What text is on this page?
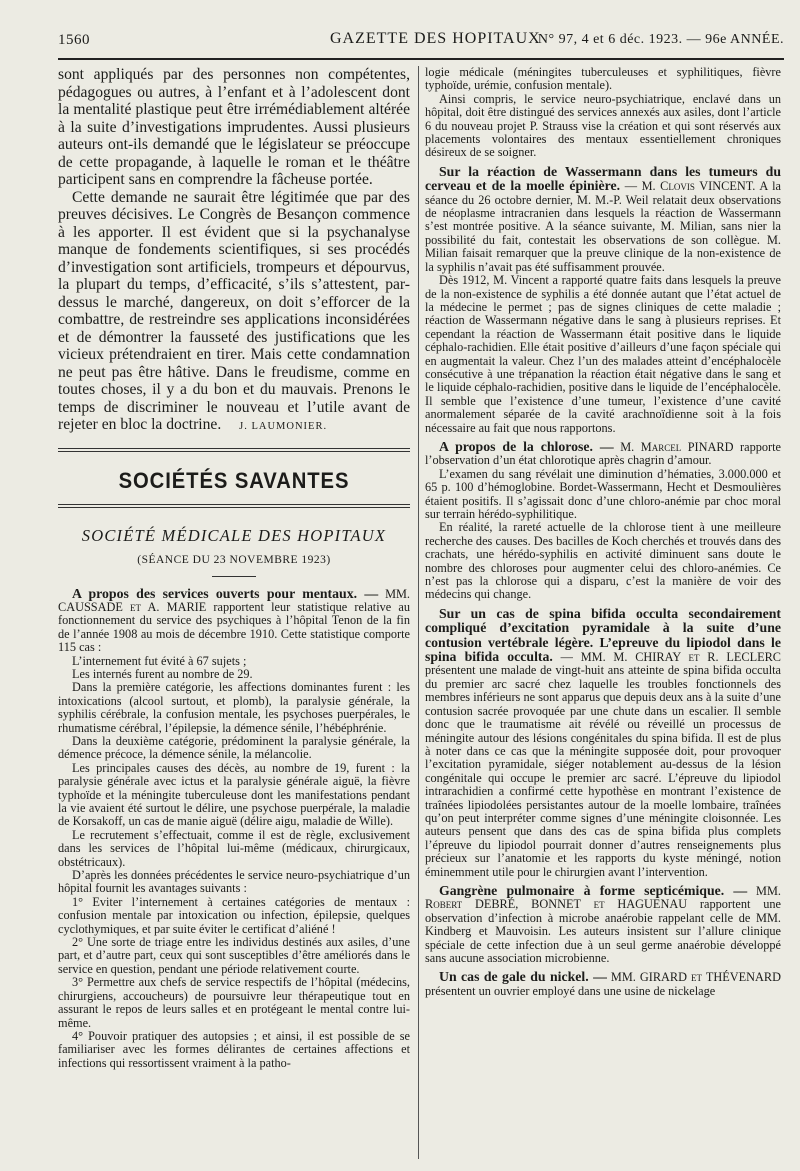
1560	GAZETTE DES HOPITAUX
N° 97, 4 et 6 déc. 1923. — 96e ANNÉE.

sont appliqués par des personnes non compétentes, pédagogues ou autres, à l’enfant et à l’adolescent dont la mentalité plastique peut être irrémédiablement altérée à la suite d’investigations imprudentes. Aussi plusieurs auteurs ont-ils demandé que le législateur se préoccupe de cette propagande, à laquelle le roman et le théâtre participent sans en comprendre la fâcheuse portée.

Cette demande ne saurait être légitimée que par des preuves décisives. Le Congrès de Besançon commence à les apporter. Il est évident que si la psychanalyse manque de fondements scientifiques, si ses procédés d’investigation sont artificiels, trompeurs et dépourvus, la plupart du temps, d’efficacité, s’ils s’attestent, par-dessus le marché, dangereux, on doit s’efforcer de la combattre, de restreindre ses applications inconsidérées et de démontrer la fausseté des justifications que les vicieux prétendraient en tirer. Mais cette condamnation ne peut pas être hâtive. Dans le freudisme, comme en toutes choses, il y a du bon et du mauvais. Prenons le temps de discriminer le nouveau et l’utile avant de rejeter en bloc la doctrine. J. LAUMONIER.

SOCIÉTÉS SAVANTES
SOCIÉTÉ MÉDICALE DES HOPITAUX
(SÉANCE DU 23 NOVEMBRE 1923)

A propos des services ouverts pour mentaux. — MM. CAUSSADE et A. MARIE rapportent leur statistique relative au fonctionnement du service des psychiques à l’hôpital Tenon de la fin de l’année 1908 au mois de décembre 1910. Cette statistique comporte 115 cas :

L’internement fut évité à 67 sujets ;

Les internés furent au nombre de 29.

Dans la première catégorie, les affections dominantes furent : les intoxications (alcool surtout, et plomb), la paralysie générale, la syphilis cérébrale, la confusion mentale, les psychoses puerpérales, le rhumatisme cérébral, l’épilepsie, la démence sénile, l’hébéphrénie.

Dans la deuxième catégorie, prédominent la paralysie générale, la démence précoce, la démence sénile, la mélancolie.

Les principales causes des décès, au nombre de 19, furent : la paralysie générale avec ictus et la paralysie générale aiguë, la fièvre typhoïde et la méningite tuberculeuse dont les manifestations pendant la vie avaient été surtout le délire, une psychose puerpérale, la maladie de Korsakoff, un cas de manie aiguë (délire aigu, maladie de Wille).

Le recrutement s’effectuait, comme il est de règle, exclusivement dans les services de l’hôpital lui-même (médicaux, chirurgicaux, obstétricaux).

D’après les données précédentes le service neuro-psychiatrique d’un hôpital fournit les avantages suivants :

1° Eviter l’internement à certaines catégories de mentaux : confusion mentale par intoxication ou infection, épilepsie, quelques cyclothymiques, et par suite éviter le certificat d’aliéné !

2° Une sorte de triage entre les individus destinés aux asiles, d’une part, et d’autre part, ceux qui sont susceptibles d’être améliorés dans le service en question, pendant une période relativement courte.

3° Permettre aux chefs de service respectifs de l’hôpital (médecins, chirurgiens, accoucheurs) de poursuivre leur thérapeutique tout en assurant le repos de leurs salles et en protégeant le mental contre lui-même.

4° Pouvoir pratiquer des autopsies ; et ainsi, il est possible de se familiariser avec les formes délirantes de certaines affections et infections qui ressortissent vraiment à la patho-

logie médicale (méningites tuberculeuses et syphilitiques, fièvre typhoïde, urémie, confusion mentale).

Ainsi compris, le service neuro-psychiatrique, enclavé dans un hôpital, doit être distingué des services annexés aux asiles, dont l’article 6 du nouveau projet P. Strauss vise la création et qui sont réservés aux placements volontaires des mentaux essentiellement chroniques désireux de se soigner.

Sur la réaction de Wassermann dans les tumeurs du cerveau et de la moelle épinière. — M. Clovis VINCENT. A la séance du 26 octobre dernier, M. M.-P. Weil relatait deux observations de néoplasme intracranien dans lesquels la réaction de Wassermann s’est montrée positive. A la séance suivante, M. Milian, sans nier la possibilité du fait, contestait les observations de son collègue. M. Milian faisait remarquer que la preuve clinique de la non-existence de la syphilis n’avait pas été suffisamment prouvée.

Dès 1912, M. Vincent a rapporté quatre faits dans lesquels la preuve de la non-existence de syphilis a été donnée autant que l’état actuel de la médecine le permet ; pas de signes cliniques de cette maladie ; réaction de Wassermann négative dans le sang à plusieurs reprises. Et cependant la réaction de Wassermann était positive dans le liquide céphalo-rachidien. Elle était positive d’ailleurs d’une façon spéciale qui en augmentait la valeur. Chez l’un des malades atteint d’encéphalocèle consécutive à une trépanation la réaction était négative dans le sang et le liquide céphalo-rachidien, positive dans le liquide de l’encéphalocèle. Il semble que l’existence d’une tumeur, l’existence d’une cavité anormalement séparée de la cavité arachnoïdienne soit à la fois nécessaire au fait que nous rapportons.

A propos de la chlorose. — M. Marcel PINARD rapporte l’observation d’un état chlorotique après chagrin d’amour.

L’examen du sang révélait une diminution d’hématies, 3.000.000 et 65 p. 100 d’hémoglobine. Bordet-Wassermann, Hecht et Desmoulières étaient positifs. Il s’agissait donc d’une chloro-anémie par choc moral sur terrain hérédo-syphilitique.

En réalité, la rareté actuelle de la chlorose tient à une meilleure recherche des causes. Des bacilles de Koch cherchés et trouvés dans des crachats, une hérédo-syphilis en activité diminuent sans doute le nombre des chloroses pour augmenter celui des chloro-anémies. Ce n’est pas la chlorose qui a disparu, c’est la manière de voir des médecins qui change.

Sur un cas de spina bifida occulta secondairement compliqué d’excitation pyramidale à la suite d’une contusion vertébrale légère. L’epreuve du lipiodol dans le spina bifida occulta. — MM. M. CHIRAY et R. LECLERC présentent une malade de vingt-huit ans atteinte de spina bifida occulta du premier arc sacré chez laquelle les troubles fonctionnels des membres inférieurs ne sont apparus que depuis deux ans à la suite d’une contusion sacrée provoquée par une chute dans un escalier. Il semble donc que le traumatisme ait révélé ou réveillé un processus de méningite autour des lésions congénitales du spina bifida. Il est de plus à noter dans ce cas que la méningite supposée doit, pour provoquer l’excitation pyramidale, siéger notablement au-dessus de la lésion congénitale qui occupe le premier arc sacré. L’épreuve du lipiodol intrarachidien a confirmé cette hypothèse en montrant l’existence de traînées lipiodolées persistantes autour de la moelle lombaire, traînées qu’on peut interpréter comme signes d’une méningite cloisonnée. Les auteurs pensent que dans des cas de spina bifida plus complets l’épreuve du lipiodol pourrait donner d’autres renseignements plus précieux sur l’anatomie et les rapports du kyste méningé, notion éminemment utile pour le chirurgien avant l’intervention.

Gangrène pulmonaire à forme septicémique. — MM. Robert DEBRÉ, BONNET et HAGUENAU rapportent une observation d’infection à microbe anaérobie rappelant celle de MM. Kindberg et Mauvoisin. Les auteurs insistent sur l’allure clinique spéciale de cette infection due à un seul germe anaérobie développé sans aucune association microbienne.

Un cas de gale du nickel. — MM. GIRARD et THÉVENARD présentent un ouvrier employé dans une usine de nickelage
